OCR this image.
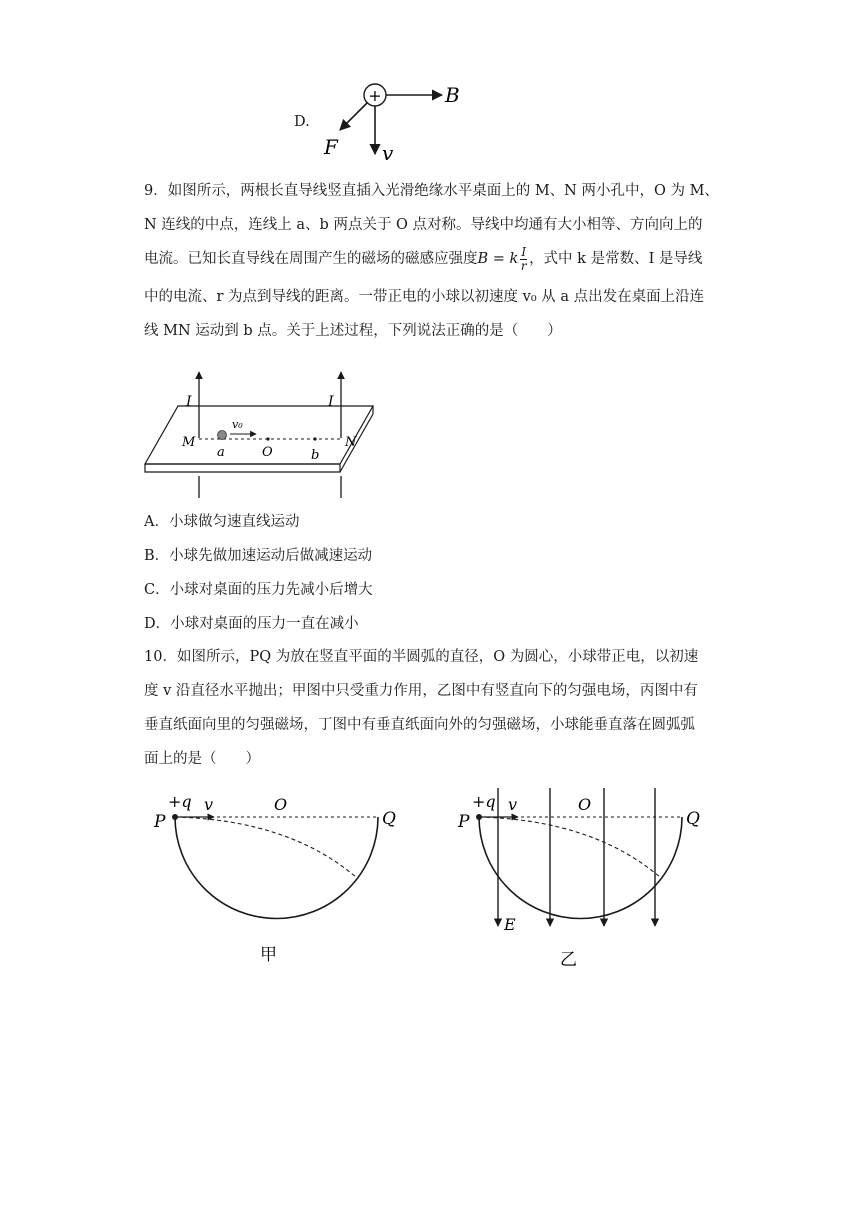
D.
+	B
F v
9．如图所示，两根长直导线竖直插入光滑绝缘水平桌面上的 M、N 两小孔中，O 为 M、
N 连线的中点，连线上 a、b 两点关于 O 点对称。导线中均通有大小相等、方向向上的
电流。已知长直导线在周围产生的磁场的磁感应强度B = k $\frac{I}{r}$ ，式中 k 是常数、I 是导线
中的电流、r 为点到导线的距离。一带正电的小球以初速度 v₀ 从 a 点出发在桌面上沿连
线 MN 运动到 b 点。关于上述过程，下列说法正确的是（　　）
I	I
v₀
M	N
a	O	b
A．小球做匀速直线运动
B．小球先做加速运动后做减速运动
C．小球对桌面的压力先减小后增大
D．小球对桌面的压力一直在减小
10．如图所示，PQ 为放在竖直平面的半圆弧的直径，O 为圆心，小球带正电，以初速
度 v 沿直径水平抛出；甲图中只受重力作用，乙图中有竖直向下的匀强电场，丙图中有
垂直纸面向里的匀强磁场，丁图中有垂直纸面向外的匀强磁场，小球能垂直落在圆弧弧
面上的是（　　）
+q v	O
P	Q
甲
+q v	O
P	Q
E
乙
